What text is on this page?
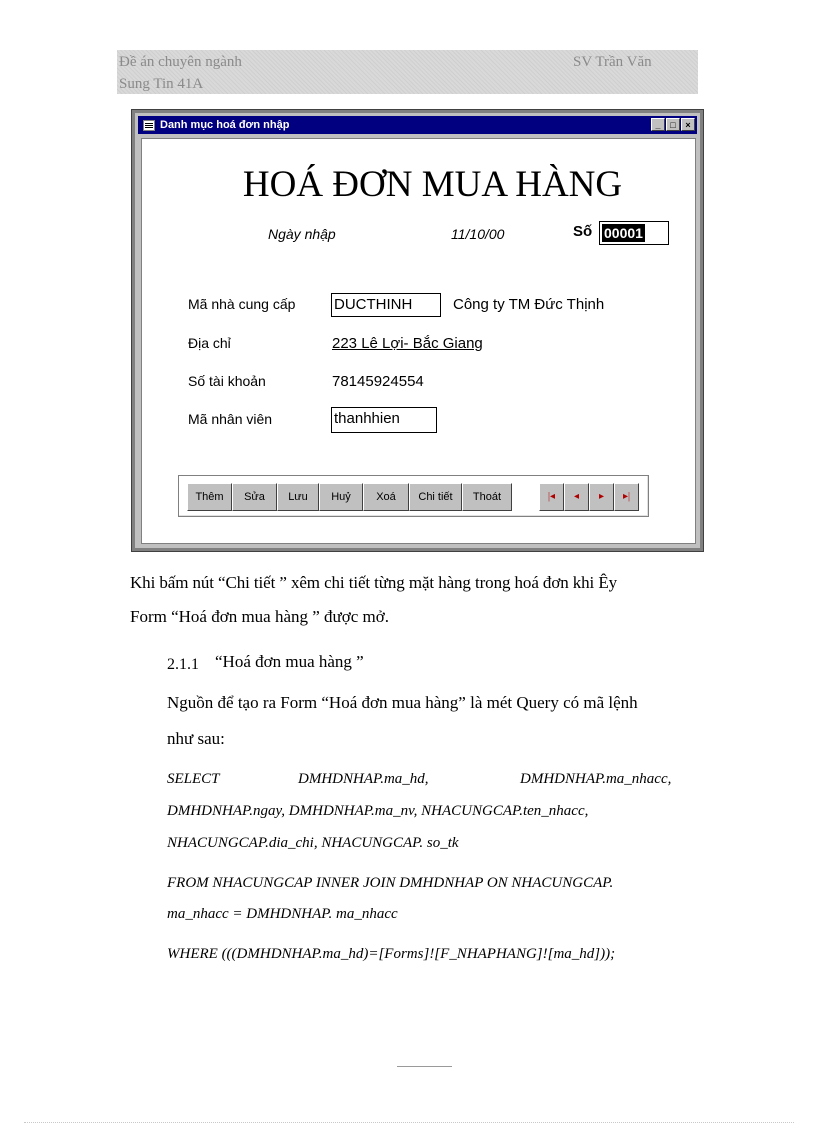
Đề án chuyên ngành	SV Trần Văn
Sung Tin 41A
Danh mục hoá đơn nhập	_	□	×
HOÁ ĐƠN MUA HÀNG
Ngày nhập	11/10/00	Số 00001
Mã nhà cung cấp	DUCTHINH	Công ty TM Đức Thịnh
Địa chỉ	223 Lê Lợi- Bắc Giang
Số tài khoản	78145924554
Mã nhân viên	thanhhien
Thêm	Sửa	Lưu	Huỷ	Xoá	Chi tiết	Thoát	|◂	◂	▸	▸|
Khi bấm nút “Chi tiết ” xêm chi tiết từng mặt hàng trong hoá đơn khi Êy
Form “Hoá đơn mua hàng ” được mở.
2.1.1 “Hoá đơn mua hàng ”
Nguồn để tạo ra Form “Hoá đơn mua hàng” là mét Query có mã lệnh
như sau:
SELECT	DMHDNHAP.ma_hd,	DMHDNHAP.ma_nhacc,
DMHDNHAP.ngay, DMHDNHAP.ma_nv, NHACUNGCAP.ten_nhacc,
NHACUNGCAP.dia_chi, NHACUNGCAP. so_tk
FROM NHACUNGCAP INNER JOIN DMHDNHAP ON NHACUNGCAP.
ma_nhacc = DMHDNHAP. ma_nhacc
WHERE (((DMHDNHAP.ma_hd)=[Forms]![F_NHAPHANG]![ma_hd]));
